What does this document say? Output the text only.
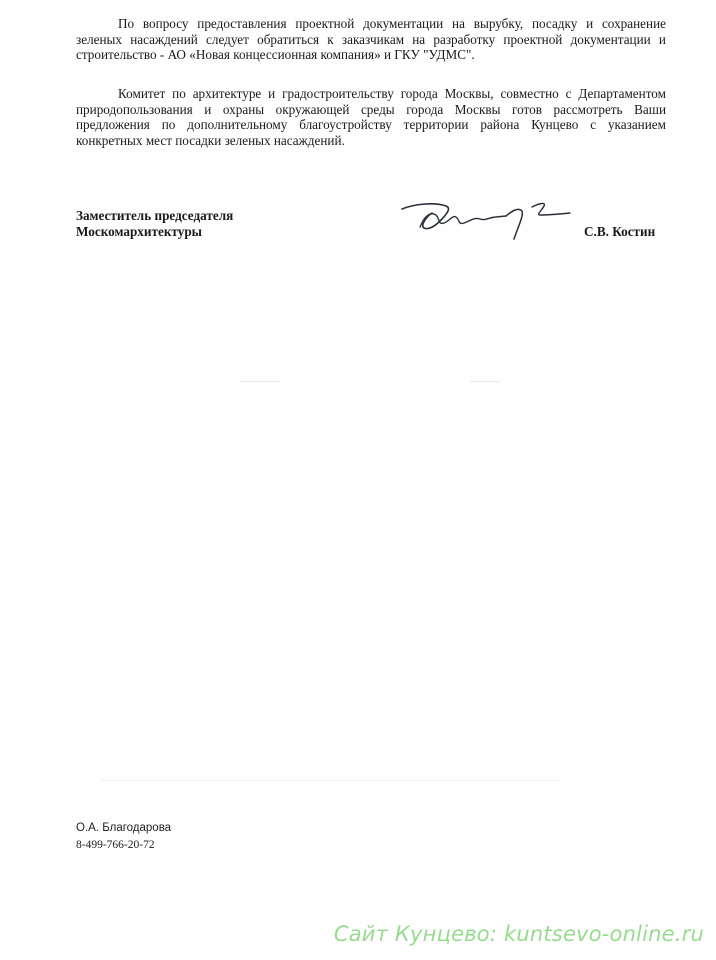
По вопросу предоставления проектной документации на вырубку, посадку и сохранение
зеленых насаждений следует обратиться к заказчикам на разработку проектной документации и
строительство - АО «Новая концессионная компания» и ГКУ "УДМС".
Комитет по архитектуре и градостроительству города Москвы, совместно с Департаментом
природопользования и охраны окружающей среды города Москвы готов рассмотреть Ваши
предложения по дополнительному благоустройству территории района Кунцево с указанием
конкретных мест посадки зеленых насаждений.
Заместитель председателя
Москомархитектуры	С.В. Костин
О.А. Благодарова
8-499-766-20-72
Сайт Кунцево: kuntsevo-online.ru
